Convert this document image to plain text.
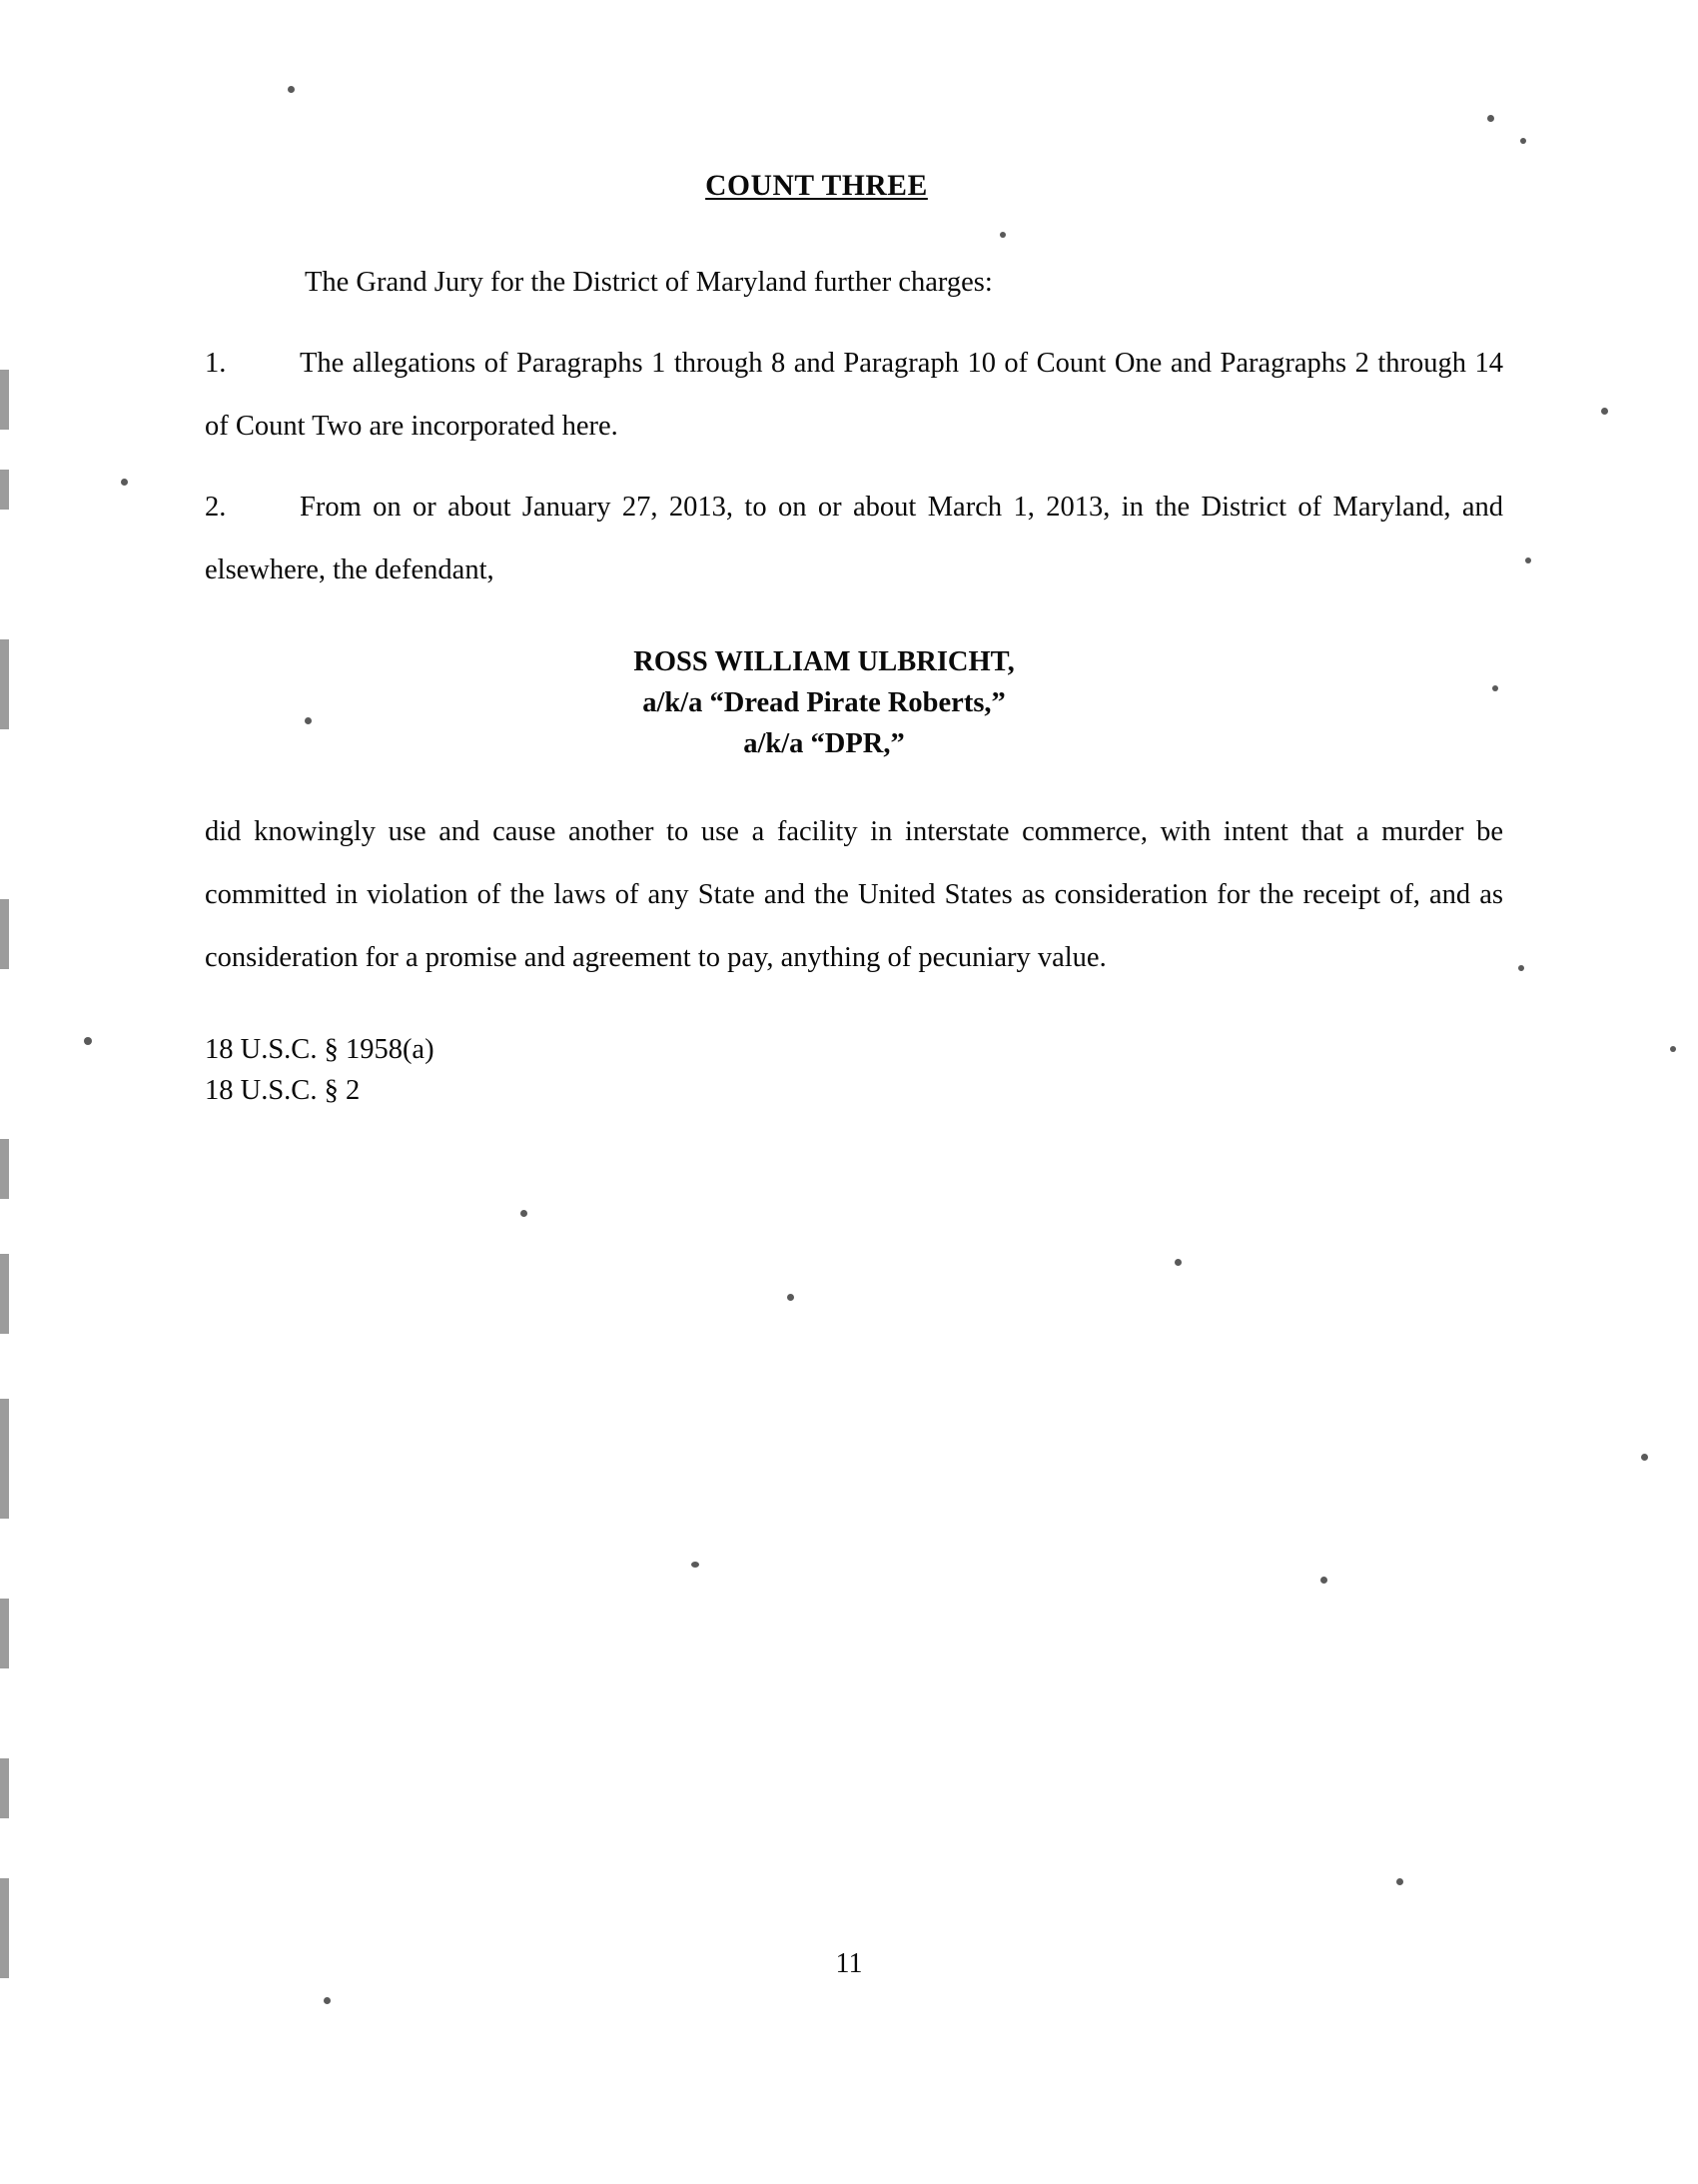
COUNT THREE

The Grand Jury for the District of Maryland further charges:

1.	The allegations of Paragraphs 1 through 8 and Paragraph 10 of Count One and Paragraphs 2 through 14 of Count Two are incorporated here.

2.	From on or about January 27, 2013, to on or about March 1, 2013, in the District of Maryland, and elsewhere, the defendant,

ROSS WILLIAM ULBRICHT,
a/k/a “Dread Pirate Roberts,”
a/k/a “DPR,”

did knowingly use and cause another to use a facility in interstate commerce, with intent that a murder be committed in violation of the laws of any State and the United States as consideration for the receipt of, and as consideration for a promise and agreement to pay, anything of pecuniary value.

18 U.S.C. § 1958(a)
18 U.S.C. § 2
11
